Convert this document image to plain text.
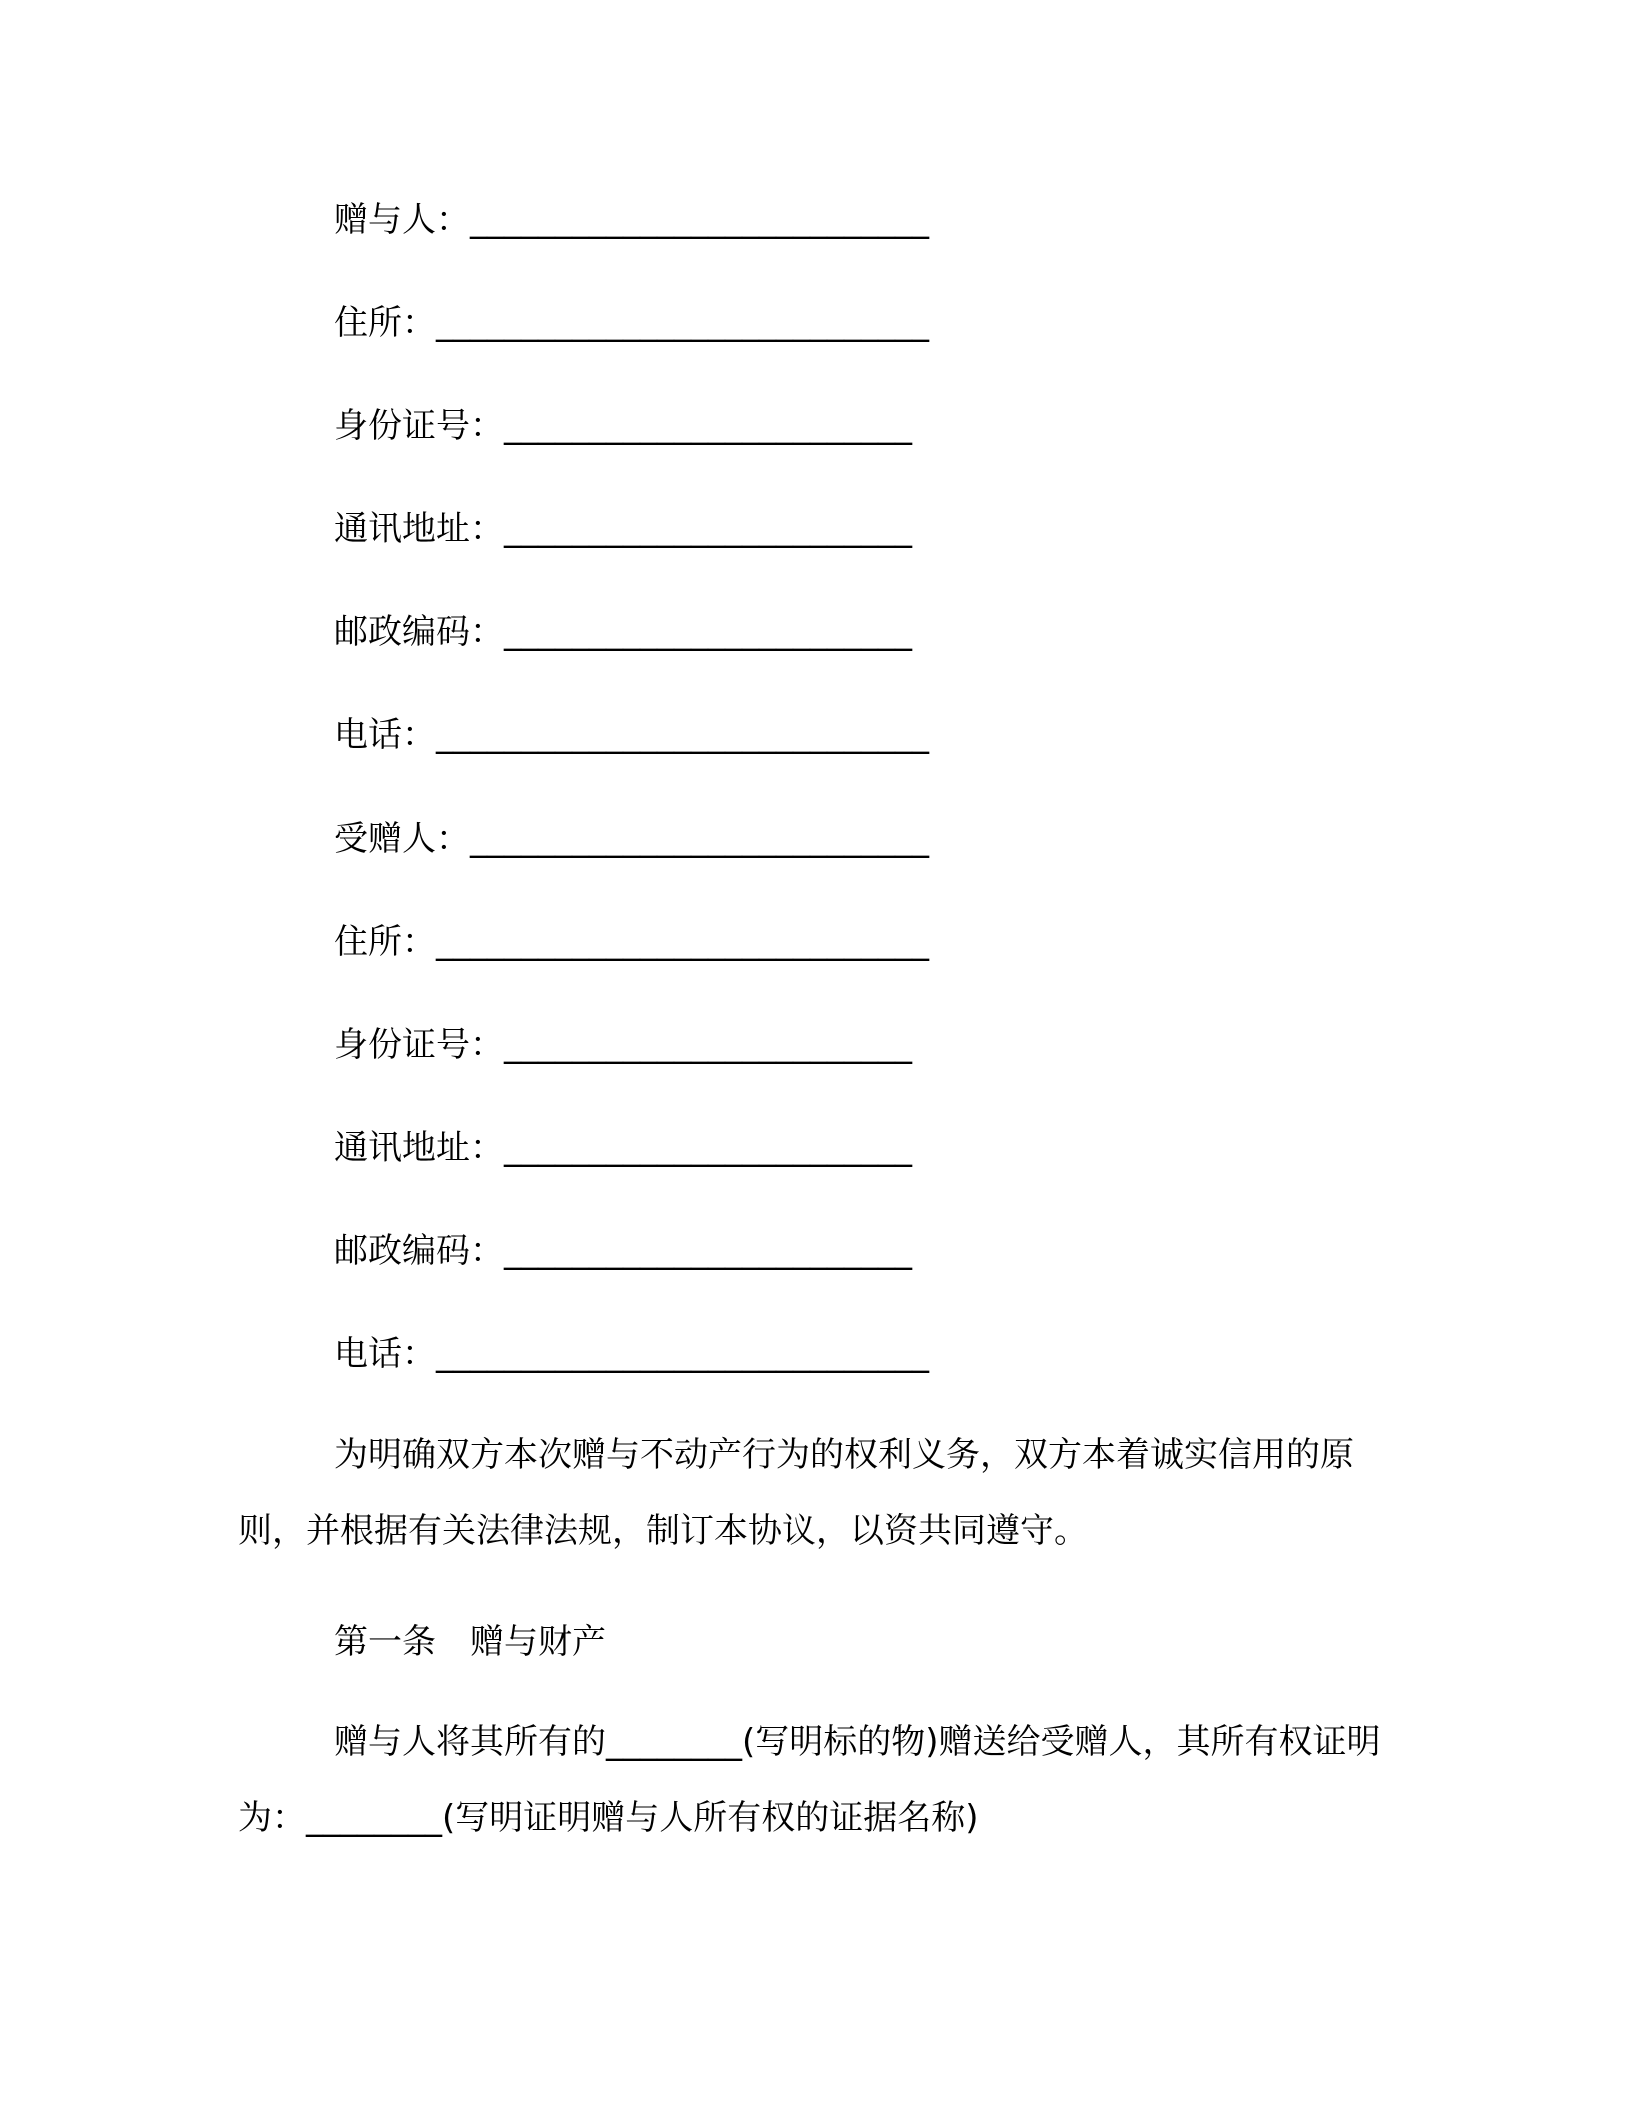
赠与人：___________________________
住所：_____________________________
身份证号：________________________
通讯地址：________________________
邮政编码：________________________
电话：_____________________________
受赠人：___________________________
住所：_____________________________
身份证号：________________________
通讯地址：________________________
邮政编码：________________________
电话：_____________________________
为明确双方本次赠与不动产行为的权利义务，双方本着诚实信用的原则，并根据有关法律法规，制订本协议，以资共同遵守。
第一条　赠与财产
赠与人将其所有的________(写明标的物)赠送给受赠人，其所有权证明为：________(写明证明赠与人所有权的证据名称)
